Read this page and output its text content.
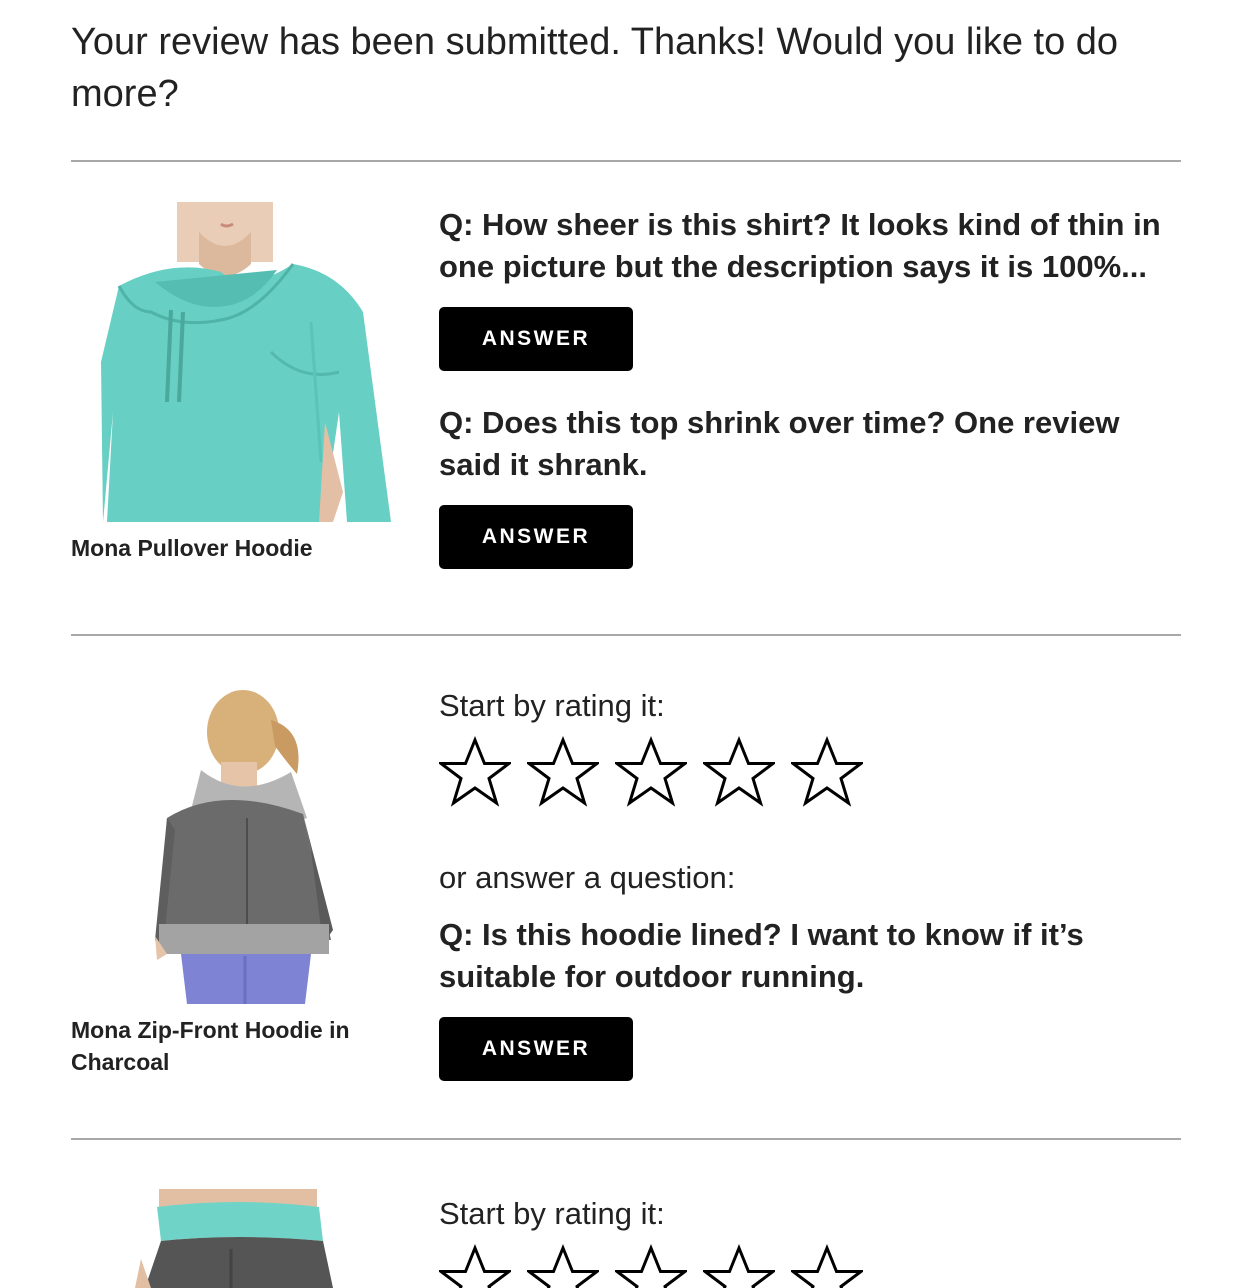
Your review has been submitted. Thanks! Would you like to do more?
Mona Pullover Hoodie
Q: How sheer is this shirt? It looks kind of thin in one picture but the description says it is 100%...
ANSWER
Q: Does this top shrink over time? One review said it shrank.
ANSWER
Mona Zip-Front Hoodie in Charcoal
Start by rating it:
or answer a question:
Q: Is this hoodie lined? I want to know if it’s suitable for outdoor running.
ANSWER
Start by rating it:
